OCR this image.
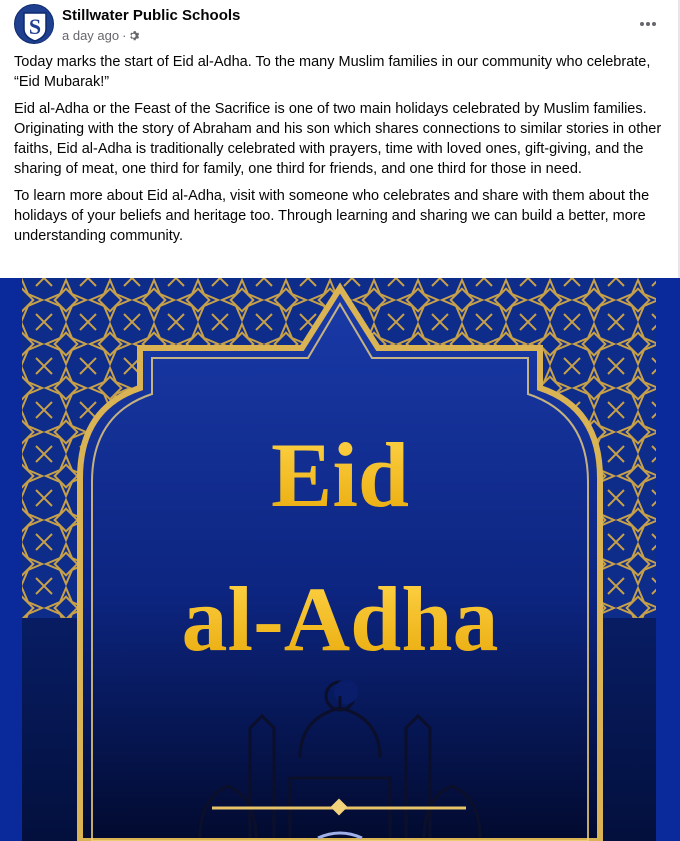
S Stillwater Public Schools
a day ago ·

Today marks the start of Eid al-Adha. To the many Muslim families in our community who celebrate, “Eid Mubarak!”

Eid al-Adha or the Feast of the Sacrifice is one of two main holidays celebrated by Muslim families. Originating with the story of Abraham and his son which shares connections to similar stories in other faiths, Eid al-Adha is traditionally celebrated with prayers, time with loved ones, gift-giving, and the sharing of meat, one third for family, one third for friends, and one third for those in need.

To learn more about Eid al-Adha, visit with someone who celebrates and share with them about the holidays of your beliefs and heritage too. Through learning and sharing we can build a better, more understanding community.

Eid
al-Adha
